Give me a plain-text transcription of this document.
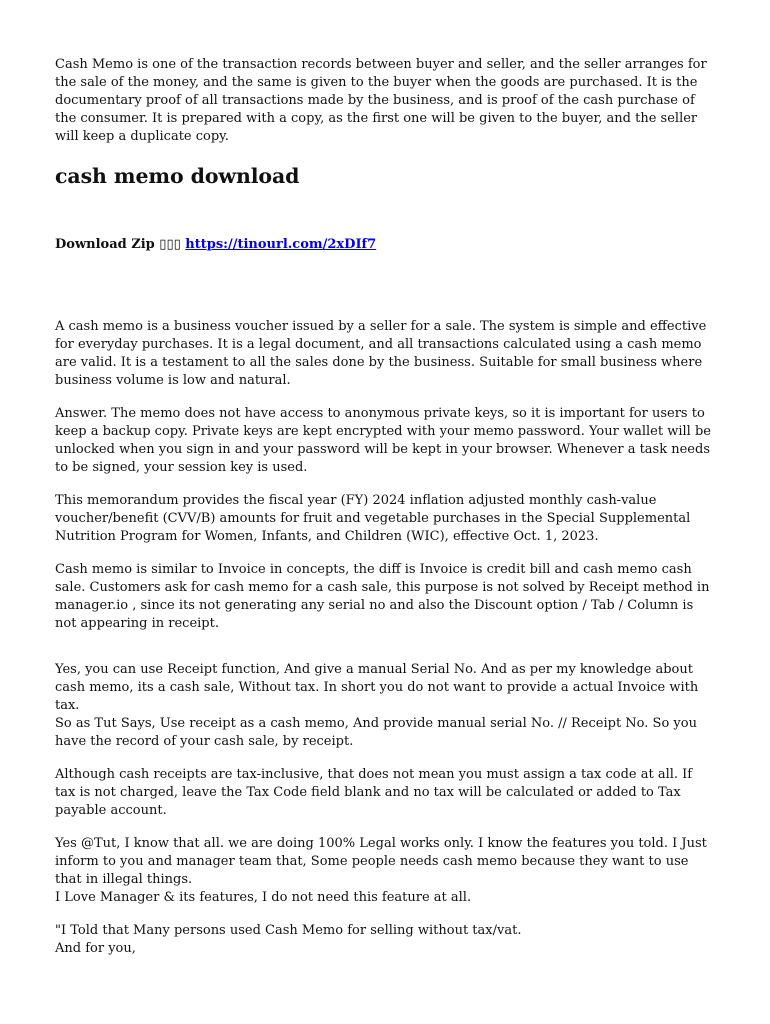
Cash Memo is one of the transaction records between buyer and seller, and the seller arranges for the sale of the money, and the same is given to the buyer when the goods are purchased. It is the documentary proof of all transactions made by the business, and is proof of the cash purchase of the consumer. It is prepared with a copy, as the first one will be given to the buyer, and the seller will keep a duplicate copy.

cash memo download
Download Zip ▯▯▯ https://tinourl.com/2xDIf7

A cash memo is a business voucher issued by a seller for a sale. The system is simple and effective for everyday purchases. It is a legal document, and all transactions calculated using a cash memo are valid. It is a testament to all the sales done by the business. Suitable for small business where business volume is low and natural.

Answer. The memo does not have access to anonymous private keys, so it is important for users to keep a backup copy. Private keys are kept encrypted with your memo password. Your wallet will be unlocked when you sign in and your password will be kept in your browser. Whenever a task needs to be signed, your session key is used.

This memorandum provides the fiscal year (FY) 2024 inflation adjusted monthly cash-value voucher/benefit (CVV/B) amounts for fruit and vegetable purchases in the Special Supplemental Nutrition Program for Women, Infants, and Children (WIC), effective Oct. 1, 2023.

Cash memo is similar to Invoice in concepts, the diff is Invoice is credit bill and cash memo cash sale. Customers ask for cash memo for a cash sale, this purpose is not solved by Receipt method in manager.io , since its not generating any serial no and also the Discount option / Tab / Column is not appearing in receipt.

Yes, you can use Receipt function, And give a manual Serial No. And as per my knowledge about cash memo, its a cash sale, Without tax. In short you do not want to provide a actual Invoice with tax.

So as Tut Says, Use receipt as a cash memo, And provide manual serial No. // Receipt No. So you have the record of your cash sale, by receipt.

Although cash receipts are tax-inclusive, that does not mean you must assign a tax code at all. If tax is not charged, leave the Tax Code field blank and no tax will be calculated or added to Tax payable account.

Yes @Tut, I know that all. we are doing 100% Legal works only. I know the features you told. I Just inform to you and manager team that, Some people needs cash memo because they want to use that in illegal things.

I Love Manager & its features, I do not need this feature at all.

"I Told that Many persons used Cash Memo for selling without tax/vat.

And for you,
